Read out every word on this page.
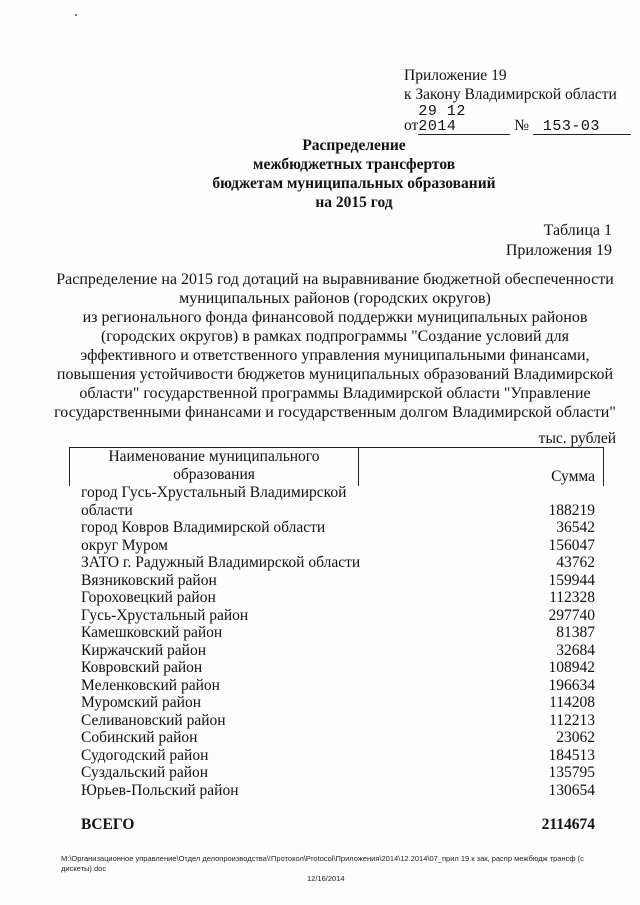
Приложение 19
к Закону Владимирской области
от29 12 2014	№ 153-03
Распределение
межбюджетных трансфертов
бюджетам муниципальных образований
на 2015 год
Таблица 1
Приложения 19
Распределение на 2015 год дотаций на выравнивание бюджетной обеспеченности
муниципальных районов (городских округов)
из регионального фонда финансовой поддержки муниципальных районов
(городских округов) в рамках подпрограммы "Создание условий для
эффективного и ответственного управления муниципальными финансами,
повышения устойчивости бюджетов муниципальных образований Владимирской
области" государственной программы Владимирской области "Управление
государственными финансами и государственным долгом Владимирской области"
тыс. рублей
Наименование муниципального
образования	Сумма
город Гусь-Хрустальный Владимирской области	188219
город Ковров Владимирской области	36542
округ Муром	156047
ЗАТО г. Радужный Владимирской области	43762
Вязниковский район	159944
Гороховецкий район	112328
Гусь-Хрустальный район	297740
Камешковский район	81387
Киржачский район	32684
Ковровский район	108942
Меленковский район	196634
Муромский район	114208
Селивановский район	112213
Собинский район	23062
Судогодский район	184513
Суздальский район	135795
Юрьев-Польский район	130654
ВСЕГО	2114674
M:\Организационное управление\Отдел делопроизводства\!Протокол\Protocol\Приложения\2014\12.2014\07_прил 19 к зак, распр межбюдж трансф (с дискеты).doc
12/16/2014
